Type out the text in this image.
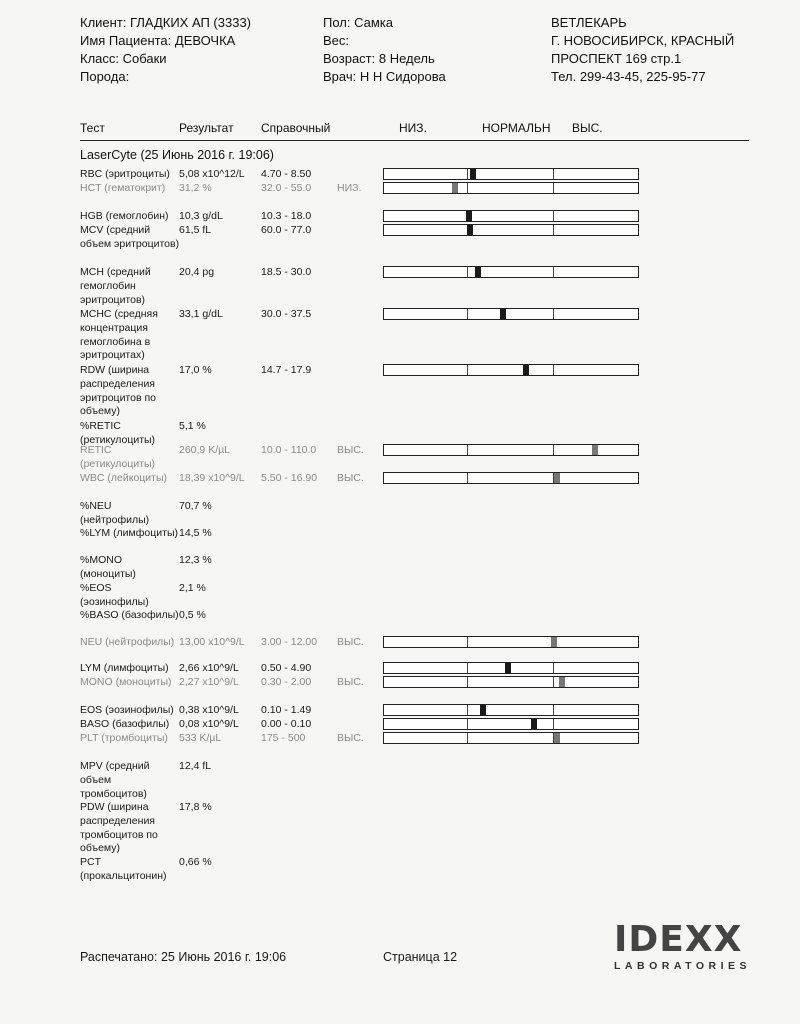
Клиент: ГЛАДКИХ АП (3333)
Имя Пациента: ДЕВОЧКА
Класс: Собаки
Порода:
Пол: Самка
Вес:
Возраст: 8 Недель
Врач: Н Н Сидорова
ВЕТЛЕКАРЬ
Г. НОВОСИБИРСК, КРАСНЫЙ
ПРОСПЕКТ 169 стр.1
Тел. 299-43-45, 225-95-77
Тест	Результат Справочный	НИЗ.	НОРМАЛЬН ВЫС.
LaserCyte (25 Июнь 2016 г. 19:06)
RBC (эритроциты) 5,08 x10^12/L 4.70 - 8.50
HCT (гематокрит)	31,2 %	32.0 - 55.0 НИЗ.
HGB (гемоглобин) 10,3 g/dL	10.3 - 18.0
MCV (средний объем эритроцитов)
61,5 fL	60.0 - 77.0
MCH (средний гемоглобин эритроцитов)
20,4 pg	18.5 - 30.0
MCHC (средняя концентрация гемоглобина в эритроцитах)
33,1 g/dL	30.0 - 37.5
RDW (ширина распределения эритроцитов по объему)
17,0 %	14.7 - 17.9
%RETIC (ретикулоциты)
5,1 %
RETIC (ретикулоциты)
260,9 K/µL	10.0 - 110.0 ВЫС.
WBC (лейкоциты)	18,39 x10^9/L 5.50 - 16.90 ВЫС.
%NEU (нейтрофилы)
70,7 %
%LYM (лимфоциты) 14,5 %
%MONO (моноциты)
12,3 %
%EOS (эозинофилы)
2,1 %
%BASO (базофилы) 0,5 %
NEU (нейтрофилы) 13,00 x10^9/L 3.00 - 12.00 ВЫС.
LYM (лимфоциты) 2,66 x10^9/L 0.50 - 4.90
MONO (моноциты) 2,27 x10^9/L 0.30 - 2.00 ВЫС.
EOS (эозинофилы) 0,38 x10^9/L 0.10 - 1.49
BASO (базофилы) 0,08 x10^9/L 0.00 - 0.10
PLT (тромбоциты)	533 K/µL	175 - 500	ВЫС.
MPV (средний объем тромбоцитов)
12,4 fL
PDW (ширина распределения тромбоцитов по объему)
17,8 %
PCT (прокальцитонин)
0,66 %
Распечатано: 25 Июнь 2016 г. 19:06	Страница 12	IDEXX
LABORATORIES
